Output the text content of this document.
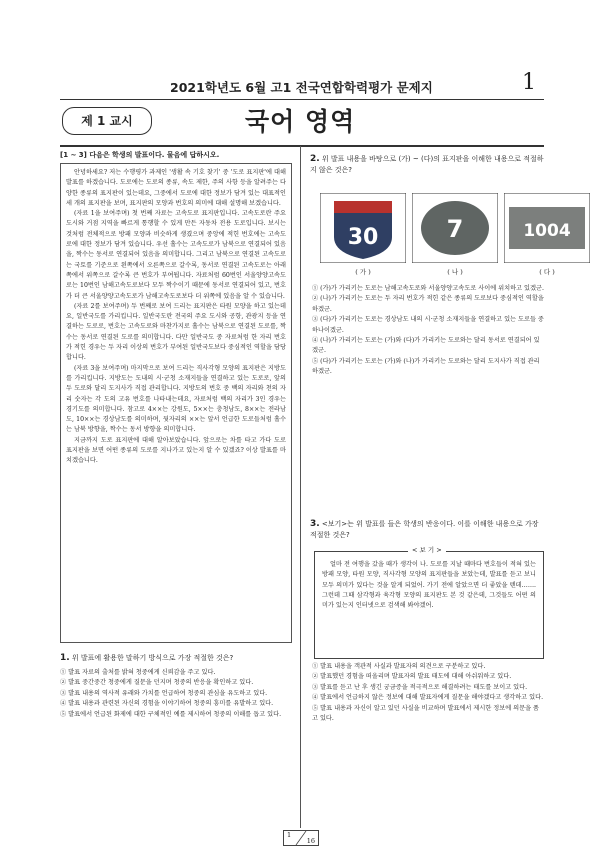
2021학년도 6월 고1 전국연합학력평가 문제지	1
제 1 교시	국어 영역
[1 ~ 3] 다음은 학생의 발표이다. 물음에 답하시오.
안녕하세요? 저는 수행평가 과제인 '생활 속 기호 찾기' 중 '도로 표지판'에 대해 발표를 하겠습니다. 도로에는 도로의 종류, 속도 제한, 주의 사항 등을 알려주는 다양한 종류의 표지판이 있는데요, 그중에서 도로에 대한 정보가 담겨 있는 대표적인 세 개의 표지판을 보며, 표지판의 모양과 번호의 의미에 대해 설명해 보겠습니다.
(자료 1을 보여주며) 첫 번째 자료는 고속도로 표지판입니다. 고속도로란 주요 도시와 거점 지역을 빠르게 통행할 수 있게 만든 자동차 전용 도로입니다. 보시는 것처럼 전체적으로 방패 모양과 비슷하게 생겼으며 중앙에 적힌 번호에는 고속도로에 대한 정보가 담겨 있습니다. 우선 홀수는 고속도로가 남북으로 연결되어 있음을, 짝수는 동서로 연결되어 있음을 의미합니다. 그리고 남북으로 연결된 고속도로는 국토를 기준으로 왼쪽에서 오른쪽으로 갈수록, 동서로 연결된 고속도로는 아래쪽에서 위쪽으로 갈수록 큰 번호가 부여됩니다. 자료처럼 60번인 서울양양고속도로는 10번인 남해고속도로보다 모두 짝수이기 때문에 동서로 연결되어 있고, 번호가 더 큰 서울양양고속도로가 남해고속도로보다 더 위쪽에 있음을 알 수 있습니다.
(자료 2를 보여주며) 두 번째로 보여 드리는 표지판은 타원 모양을 하고 있는데요, 일반국도를 가리킵니다. 일반국도란 전국의 주요 도시와 공항, 관광지 등을 연결하는 도로로, 번호는 고속도로와 마찬가지로 홀수는 남북으로 연결된 도로를, 짝수는 동서로 연결된 도로를 의미합니다. 다만 일반국도 중 자료처럼 한 자리 번호가 적힌 경우는 두 자리 이상의 번호가 부여된 일반국도보다 중심적인 역할을 담당합니다.
(자료 3을 보여주며) 마지막으로 보여 드리는 직사각형 모양의 표지판은 지방도를 가리킵니다. 지방도는 도내의 시·군청 소재지들을 연결하고 있는 도로로, 앞의 두 도로와 달리 도지사가 직접 관리합니다. 지방도의 번호 중 백의 자리와 천의 자리 숫자는 각 도의 고유 번호를 나타내는데요, 자료처럼 백의 자리가 3인 경우는 경기도를 의미합니다. 참고로 4××는 강원도, 5××는 충청남도, 8××는 전라남도, 10××는 경상남도를 의미하며, 뒷자리의 ××는 앞서 언급한 도로들처럼 홀수는 남북 방향을, 짝수는 동서 방향을 의미합니다.
지금까지 도로 표지판에 대해 알아보았습니다. 앞으로는 차를 타고 가다 도로 표지판을 보면 어떤 종류의 도로를 지나가고 있는지 알 수 있겠죠? 이상 발표를 마치겠습니다.
1. 위 발표에 활용한 말하기 방식으로 가장 적절한 것은?
① 발표 자료의 출처를 밝혀 청중에게 신뢰감을 주고 있다.
② 발표 중간중간 청중에게 질문을 던지며 청중의 반응을 확인하고 있다.
③ 발표 내용의 역사적 유래와 가치를 언급하여 청중의 관심을 유도하고 있다.
④ 발표 내용과 관련된 자신의 경험을 이야기하여 청중의 흥미를 유발하고 있다.
⑤ 발표에서 언급된 화제에 대한 구체적인 예를 제시하여 청중의 이해를 돕고 있다.
2. 위 발표 내용을 바탕으로 (가) ~ (다)의 표지판을 이해한 내용으로 적절하지 않은 것은?
30
( 가 )
7
( 나 )
1004
( 다 )
① (가)가 가리키는 도로는 남해고속도로와 서울양양고속도로 사이에 위치하고 있겠군.
② (나)가 가리키는 도로는 두 자리 번호가 적힌 같은 종류의 도로보다 중심적인 역할을 하겠군.
③ (다)가 가리키는 도로는 경상남도 내의 시·군청 소재지들을 연결하고 있는 도로들 중 하나이겠군.
④ (나)가 가리키는 도로는 (가)와 (다)가 가리키는 도로와는 달리 동서로 연결되어 있겠군.
⑤ (다)가 가리키는 도로는 (가)와 (나)가 가리키는 도로와는 달리 도지사가 직접 관리하겠군.
3. <보기>는 위 발표를 들은 학생의 반응이다. 이를 이해한 내용으로 가장 적절한 것은?
얼마 전 여행을 갔을 때가 생각이 나. 도로를 지날 때마다 번호들이 적혀 있는 방패 모양, 타원 모양, 직사각형 모양의 표지판들을 보았는데, 발표를 듣고 보니 모두 의미가 있다는 것을 알게 되었어. 가기 전에 알았으면 더 좋았을 텐데……. 그런데 그때 삼각형과 육각형 모양의 표지판도 본 것 같은데, 그것들도 어떤 의미가 있는지 인터넷으로 검색해 봐야겠어.
< 보 기 >
① 발표 내용을 객관적 사실과 발표자의 의견으로 구분하고 있다.
② 발표했던 경험을 떠올리며 발표자의 발표 태도에 대해 아쉬워하고 있다.
③ 발표를 듣고 난 후 생긴 궁금증을 적극적으로 해결하려는 태도를 보이고 있다.
④ 발표에서 언급하지 않은 정보에 대해 발표자에게 질문을 해야겠다고 생각하고 있다.
⑤ 발표 내용과 자신이 알고 있던 사실을 비교하며 발표에서 제시한 정보에 의문을 품고 있다.
1
16
